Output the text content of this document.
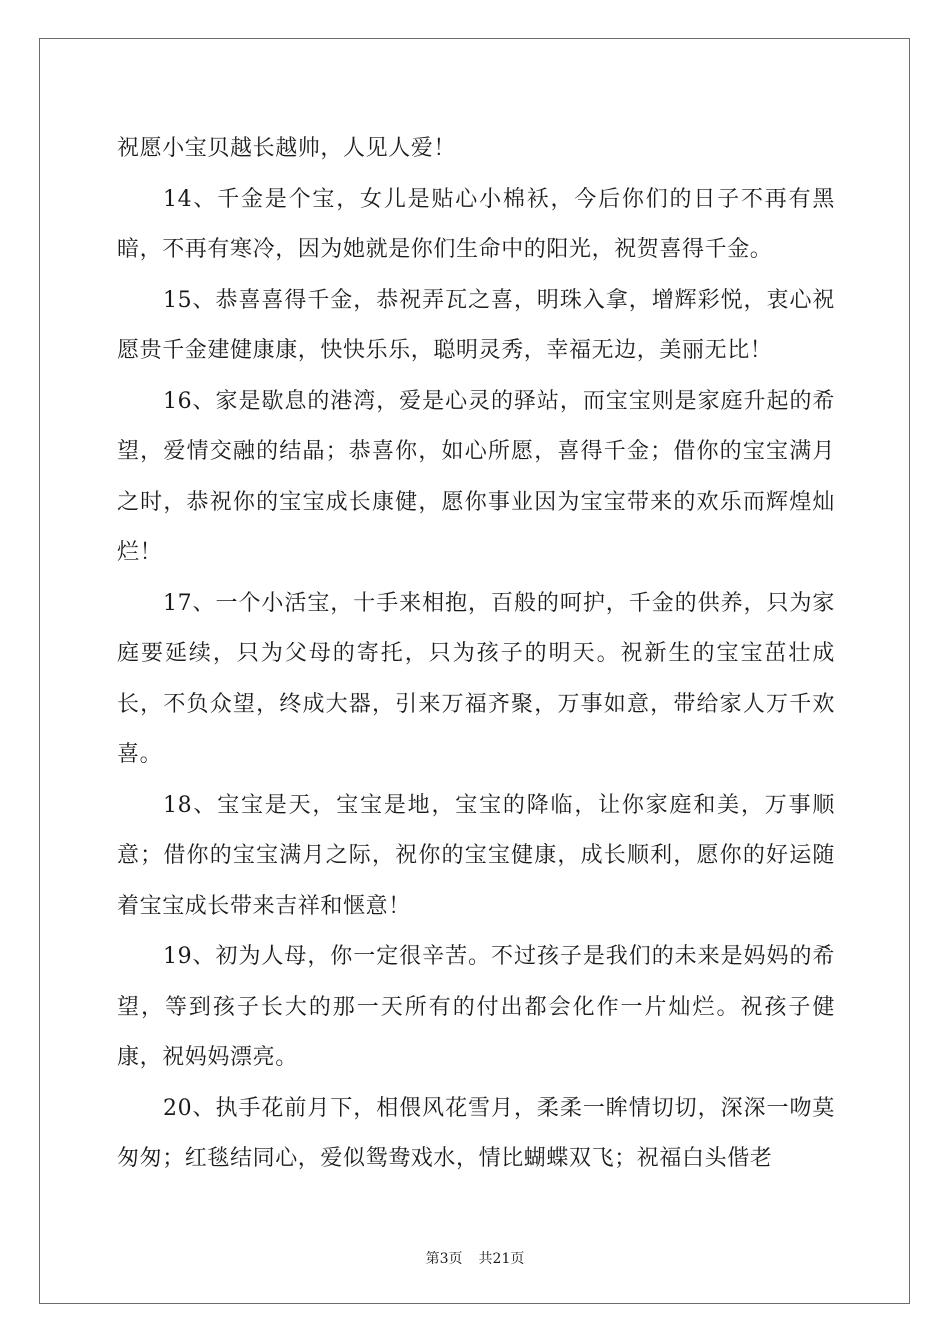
祝愿小宝贝越长越帅，人见人爱！

14、千金是个宝，女儿是贴心小棉袄，今后你们的日子不再有黑暗，不再有寒冷，因为她就是你们生命中的阳光，祝贺喜得千金。

15、恭喜喜得千金，恭祝弄瓦之喜，明珠入拿，增辉彩悦，衷心祝愿贵千金建健康康，快快乐乐，聪明灵秀，幸福无边，美丽无比！

16、家是歇息的港湾，爱是心灵的驿站，而宝宝则是家庭升起的希望，爱情交融的结晶；恭喜你，如心所愿，喜得千金；借你的宝宝满月之时，恭祝你的宝宝成长康健，愿你事业因为宝宝带来的欢乐而辉煌灿烂！

17、一个小活宝，十手来相抱，百般的呵护，千金的供养，只为家庭要延续，只为父母的寄托，只为孩子的明天。祝新生的宝宝茁壮成长，不负众望，终成大器，引来万福齐聚，万事如意，带给家人万千欢喜。

18、宝宝是天，宝宝是地，宝宝的降临，让你家庭和美，万事顺意；借你的宝宝满月之际，祝你的宝宝健康，成长顺利，愿你的好运随着宝宝成长带来吉祥和惬意！

19、初为人母，你一定很辛苦。不过孩子是我们的未来是妈妈的希望，等到孩子长大的那一天所有的付出都会化作一片灿烂。祝孩子健康，祝妈妈漂亮。

20、执手花前月下，相偎风花雪月，柔柔一眸情切切，深深一吻莫匆匆；红毯结同心，爱似鸳鸯戏水，情比蝴蝶双飞；祝福白头偕老

第3页 共21页
